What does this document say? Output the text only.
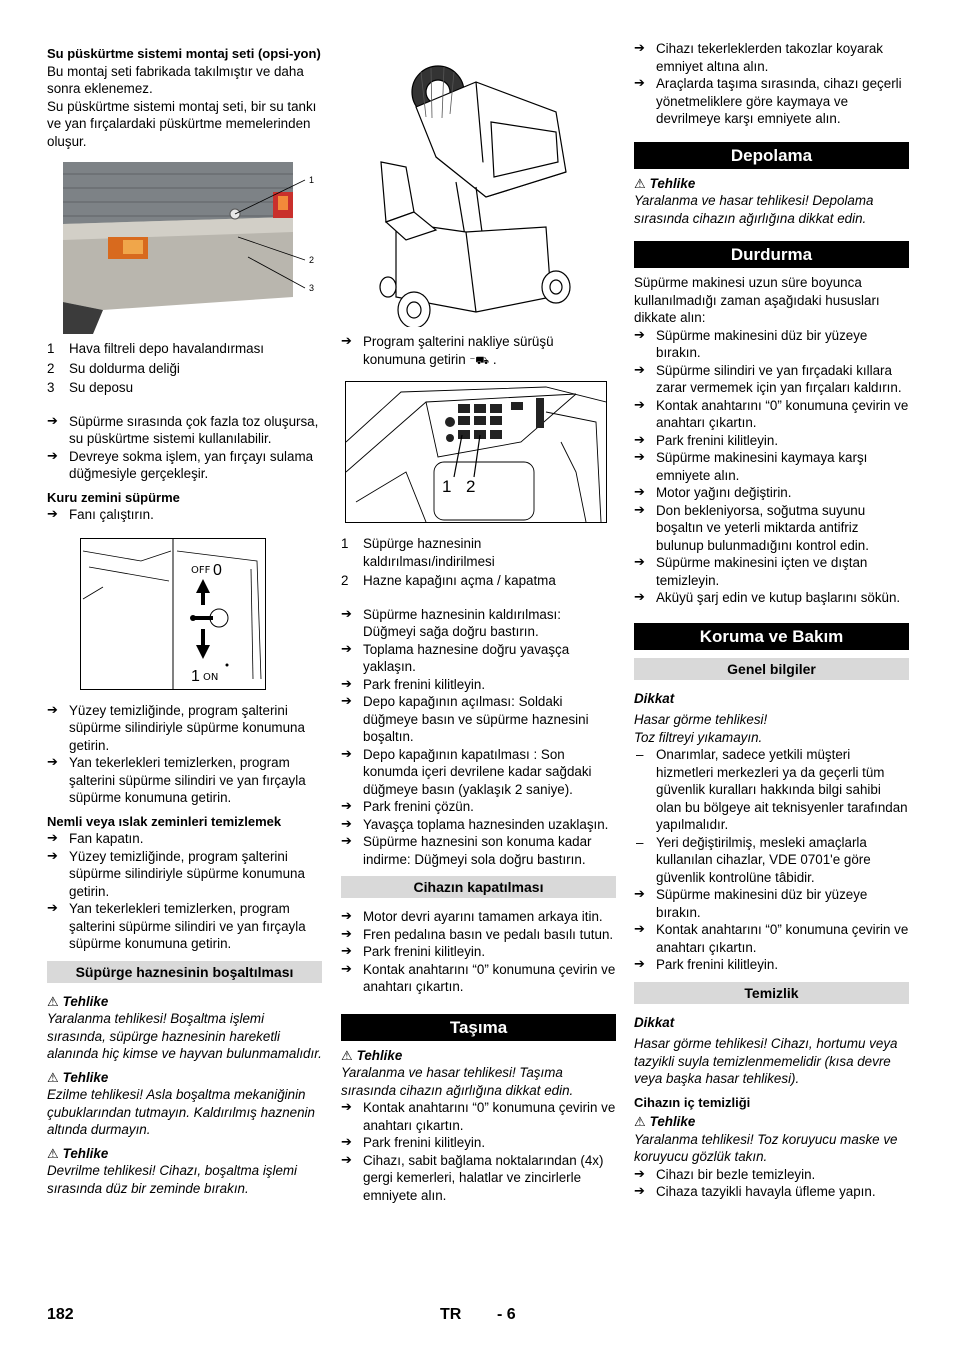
Su püskürtme sistemi montaj seti (opsi-yon)

Bu montaj seti fabrikada takılmıştır ve daha sonra eklenemez.

Su püskürtme sistemi montaj seti, bir su tankı ve yan fırçalardaki püskürtme memelerinden oluşur.

1
2
3
1 Hava filtreli depo havalandırması
2 Su doldurma deliği
3 Su deposu

➔ Süpürme sırasında çok fazla toz oluşursa, su püskürtme sistemi kullanılabilir.

➔ Devreye sokma işlem, yan fırçayı sulama düğmesiyle gerçekleşir.

Kuru zemini süpürme

➔ Fanı çalıştırın.

OFF 0
1 ON

➔ Yüzey temizliğinde, program şalterini süpürme silindiriyle süpürme konumuna getirin.

➔ Yan tekerlekleri temizlerken, program şalterini süpürme silindiri ve yan fırçayla süpürme konumuna getirin.

Nemli veya ıslak zeminleri temizlemek

➔ Fan kapatın.

➔ Yüzey temizliğinde, program şalterini süpürme silindiriyle süpürme konumuna getirin.

➔ Yan tekerlekleri temizlerken, program şalterini süpürme silindiri ve yan fırçayla süpürme konumuna getirin.

Süpürge haznesinin boşaltılması

⚠ Tehlike

Yaralanma tehlikesi! Boşaltma işlemi sırasında, süpürge haznesinin hareketli alanında hiç kimse ve hayvan bulunmamalıdır.

⚠ Tehlike

Ezilme tehlikesi! Asla boşaltma mekaniğinin çubuklarından tutmayın. Kaldırılmış haznenin altında durmayın.

⚠ Tehlike

Devrilme tehlikesi! Cihazı, boşaltma işlemi sırasında düz bir zeminde bırakın.

➔ Program şalterini nakliye sürüşü konumuna getirin ⁻⛟ .

1 2
1 Süpürge haznesinin kaldırılması/indirilmesi
2 Hazne kapağını açma / kapatma

➔ Süpürme haznesinin kaldırılması: Düğmeyi sağa doğru bastırın.

➔ Toplama haznesine doğru yavaşça yaklaşın.

➔ Park frenini kilitleyin.

➔ Depo kapağının açılması: Soldaki düğmeye basın ve süpürme haznesini boşaltın.

➔ Depo kapağının kapatılması : Son konumda içeri devrilene kadar sağdaki düğmeye basın (yaklaşık 2 saniye).

➔ Park frenini çözün.

➔ Yavaşça toplama haznesinden uzaklaşın.

➔ Süpürme haznesini son konuma kadar indirme: Düğmeyi sola doğru bastırın.

Cihazın kapatılması

➔ Motor devri ayarını tamamen arkaya itin.

➔ Fren pedalına basın ve pedalı basılı tutun.

➔ Park frenini kilitleyin.

➔ Kontak anahtarını “0” konumuna çevirin ve anahtarı çıkartın.

Taşıma

⚠ Tehlike

Yaralanma ve hasar tehlikesi! Taşıma sırasında cihazın ağırlığına dikkat edin.

➔ Kontak anahtarını “0” konumuna çevirin ve anahtarı çıkartın.

➔ Park frenini kilitleyin.

➔ Cihazı, sabit bağlama noktalarından (4x) gergi kemerleri, halatlar ve zincirlerle emniyete alın.

➔ Cihazı tekerleklerden takozlar koyarak emniyet altına alın.

➔ Araçlarda taşıma sırasında, cihazı geçerli yönetmeliklere göre kaymaya ve devrilmeye karşı emniyete alın.

Depolama

⚠ Tehlike

Yaralanma ve hasar tehlikesi! Depolama sırasında cihazın ağırlığına dikkat edin.

Durdurma

Süpürme makinesi uzun süre boyunca kullanılmadığı zaman aşağıdaki hususları dikkate alın:

➔ Süpürme makinesini düz bir yüzeye bırakın.

➔ Süpürme silindiri ve yan fırçadaki kıllara zarar vermemek için yan fırçaları kaldırın.

➔ Kontak anahtarını “0” konumuna çevirin ve anahtarı çıkartın.

➔ Park frenini kilitleyin.

➔ Süpürme makinesini kaymaya karşı emniyete alın.

➔ Motor yağını değiştirin.

➔ Don bekleniyorsa, soğutma suyunu boşaltın ve yeterli miktarda antifriz bulunup bulunmadığını kontrol edin.

➔ Süpürme makinesini içten ve dıştan temizleyin.

➔ Aküyü şarj edin ve kutup başlarını sökün.

Koruma ve Bakım
Genel bilgiler

Dikkat

Hasar görme tehlikesi!

Toz filtreyi yıkamayın.

– Onarımlar, sadece yetkili müşteri hizmetleri merkezleri ya da geçerli tüm güvenlik kuralları hakkında bilgi sahibi olan bu bölgeye ait teknisyenler tarafından yapılmalıdır.

– Yeri değiştirilmiş, mesleki amaçlarla kullanılan cihazlar, VDE 0701'e göre güvenlik kontrolüne tâbidir.

➔ Süpürme makinesini düz bir yüzeye bırakın.

➔ Kontak anahtarını “0” konumuna çevirin ve anahtarı çıkartın.

➔ Park frenini kilitleyin.

Temizlik

Dikkat

Hasar görme tehlikesi! Cihazı, hortumu veya tazyikli suyla temizlenmemelidir (kısa devre veya başka hasar tehlikesi).

Cihazın iç temizliği

⚠ Tehlike

Yaralanma tehlikesi! Toz koruyucu maske ve koruyucu gözlük takın.

➔ Cihazı bir bezle temizleyin.

➔ Cihaza tazyikli havayla üfleme yapın.

182	TR - 6
